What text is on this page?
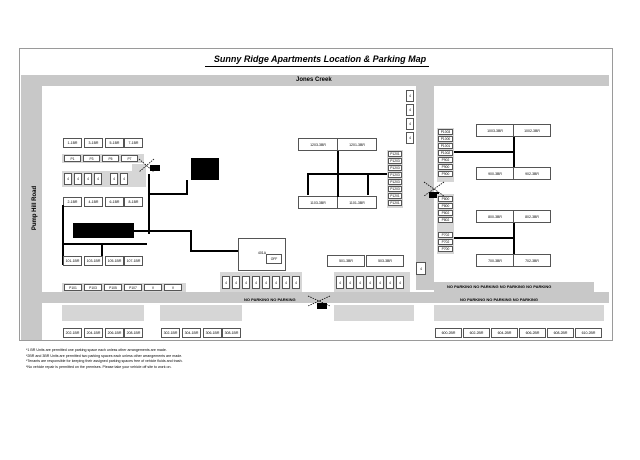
Sunny Ridge Apartments Location & Parking Map
Jones Creek
Pump Hill Road
1-1BR	3-1BR	5-1BR	7-1BR
P1	P3	P5	P7
4	4	4	4	4	4
2-1BR	4-1BR	6-1BR	8-1BR
1203-3BR	1201-3BR
1103-3BR	1101-3BR
P1201
P1203
P1203
P1203
P1203
P1203
P1201
P1201
4
4
4
4
P1003
P1000
P1001
P1002
P902
P900
P900
1003-3BR	1002-3BR
900-3BR	902-3BR
P800
P800
P802
P802
P702
P702
P700
800-3BR	802-3BR
700-3BR	702-3BR
101-1BR	103-1BR	105-1BR	107-1BR
P101	P103	P105	P107	V	V
401A
OFF
4	4	4	4	4	4	4	4
501-3BR	503-3BR
4	4	4	4	4	4	4
4
NO PARKING NO PARKING
NO PARKING NO PARKING NO PARKING NO PARKING
NO PARKING NO PARKING NO PARKING
202-1BR	204-1BR	206-1BR	208-1BR	302-1BR	304-1BR	306-1BR	308-1BR	600-2BR	602-2BR	604-2BR	606-2BR	608-2BR	610-2BR
*1 BR Units are permitted one parking space each unless other arrangements are made.
*2BR and 3BR Units are permitted two parking spaces each unless other arrangements are made.
*Tenants are responsible for keeping their assigned parking spaces free of vehicle fluids and trash.
*No vehicle repair is permitted on the premises. Please take your vehicle off site to work on.
